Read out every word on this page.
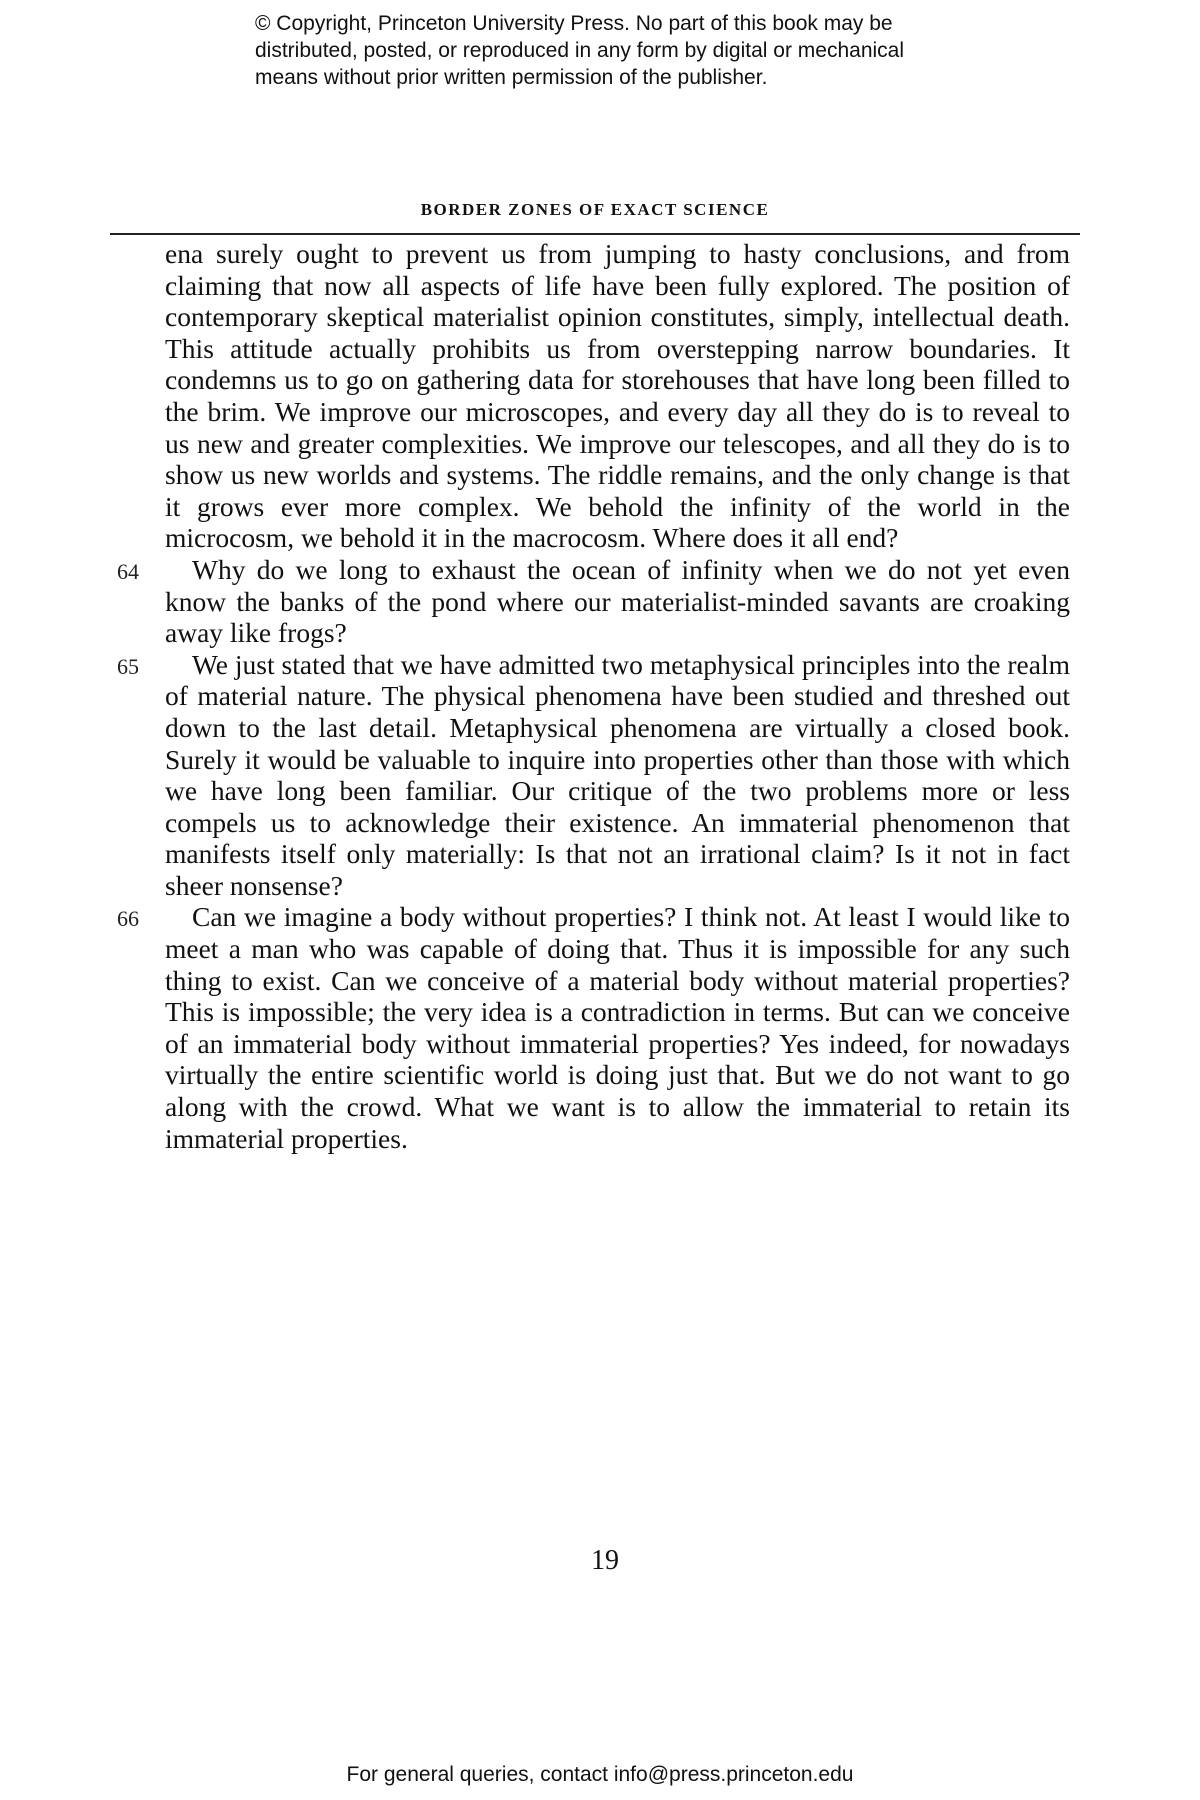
© Copyright, Princeton University Press. No part of this book may be
distributed, posted, or reproduced in any form by digital or mechanical
means without prior written permission of the publisher.
BORDER ZONES OF EXACT SCIENCE

ena surely ought to prevent us from jumping to hasty conclusions, and from claiming that now all aspects of life have been fully explored. The position of contemporary skeptical materialist opinion constitutes, simply, intellectual death. This attitude actually prohibits us from overstepping narrow boundaries. It condemns us to go on gathering data for storehouses that have long been filled to the brim. We improve our microscopes, and every day all they do is to reveal to us new and greater complexities. We improve our telescopes, and all they do is to show us new worlds and systems. The riddle remains, and the only change is that it grows ever more complex. We behold the infinity of the world in the microcosm, we behold it in the macrocosm. Where does it all end?

64	Why do we long to exhaust the ocean of infinity when we do not yet even know the banks of the pond where our materialist-minded savants are croaking away like frogs?

65	We just stated that we have admitted two metaphysical principles into the realm of material nature. The physical phenomena have been studied and threshed out down to the last detail. Metaphysical phenomena are virtually a closed book. Surely it would be valuable to inquire into properties other than those with which we have long been familiar. Our critique of the two problems more or less compels us to acknowledge their existence. An immaterial phenomenon that manifests itself only materially: Is that not an irrational claim? Is it not in fact sheer nonsense?

66	Can we imagine a body without properties? I think not. At least I would like to meet a man who was capable of doing that. Thus it is impossible for any such thing to exist. Can we conceive of a material body without material properties? This is impossible; the very idea is a contradiction in terms. But can we conceive of an immaterial body without immaterial properties? Yes indeed, for nowadays virtually the entire scientific world is doing just that. But we do not want to go along with the crowd. What we want is to allow the immaterial to retain its immaterial properties.

19
For general queries, contact info@press.princeton.edu
